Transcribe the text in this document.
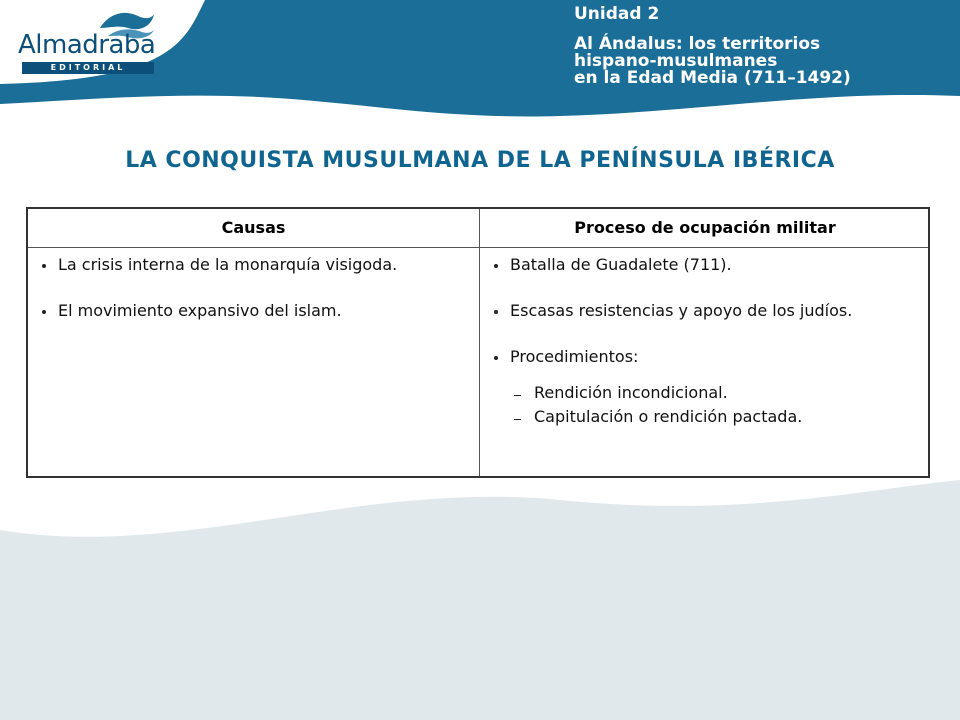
Almadraba
EDITORIAL
Unidad 2
Al Ándalus: los territorios
hispano-musulmanes
en la Edad Media (711–1492)
LA CONQUISTA MUSULMANA DE LA PENÍNSULA IBÉRICA
Causas	Proceso de ocupación militar
La crisis interna de la monarquía visigoda.
El movimiento expansivo del islam.
Batalla de Guadalete (711).
Escasas resistencias y apoyo de los judíos.
Procedimientos:
Rendición incondicional.
Capitulación o rendición pactada.
